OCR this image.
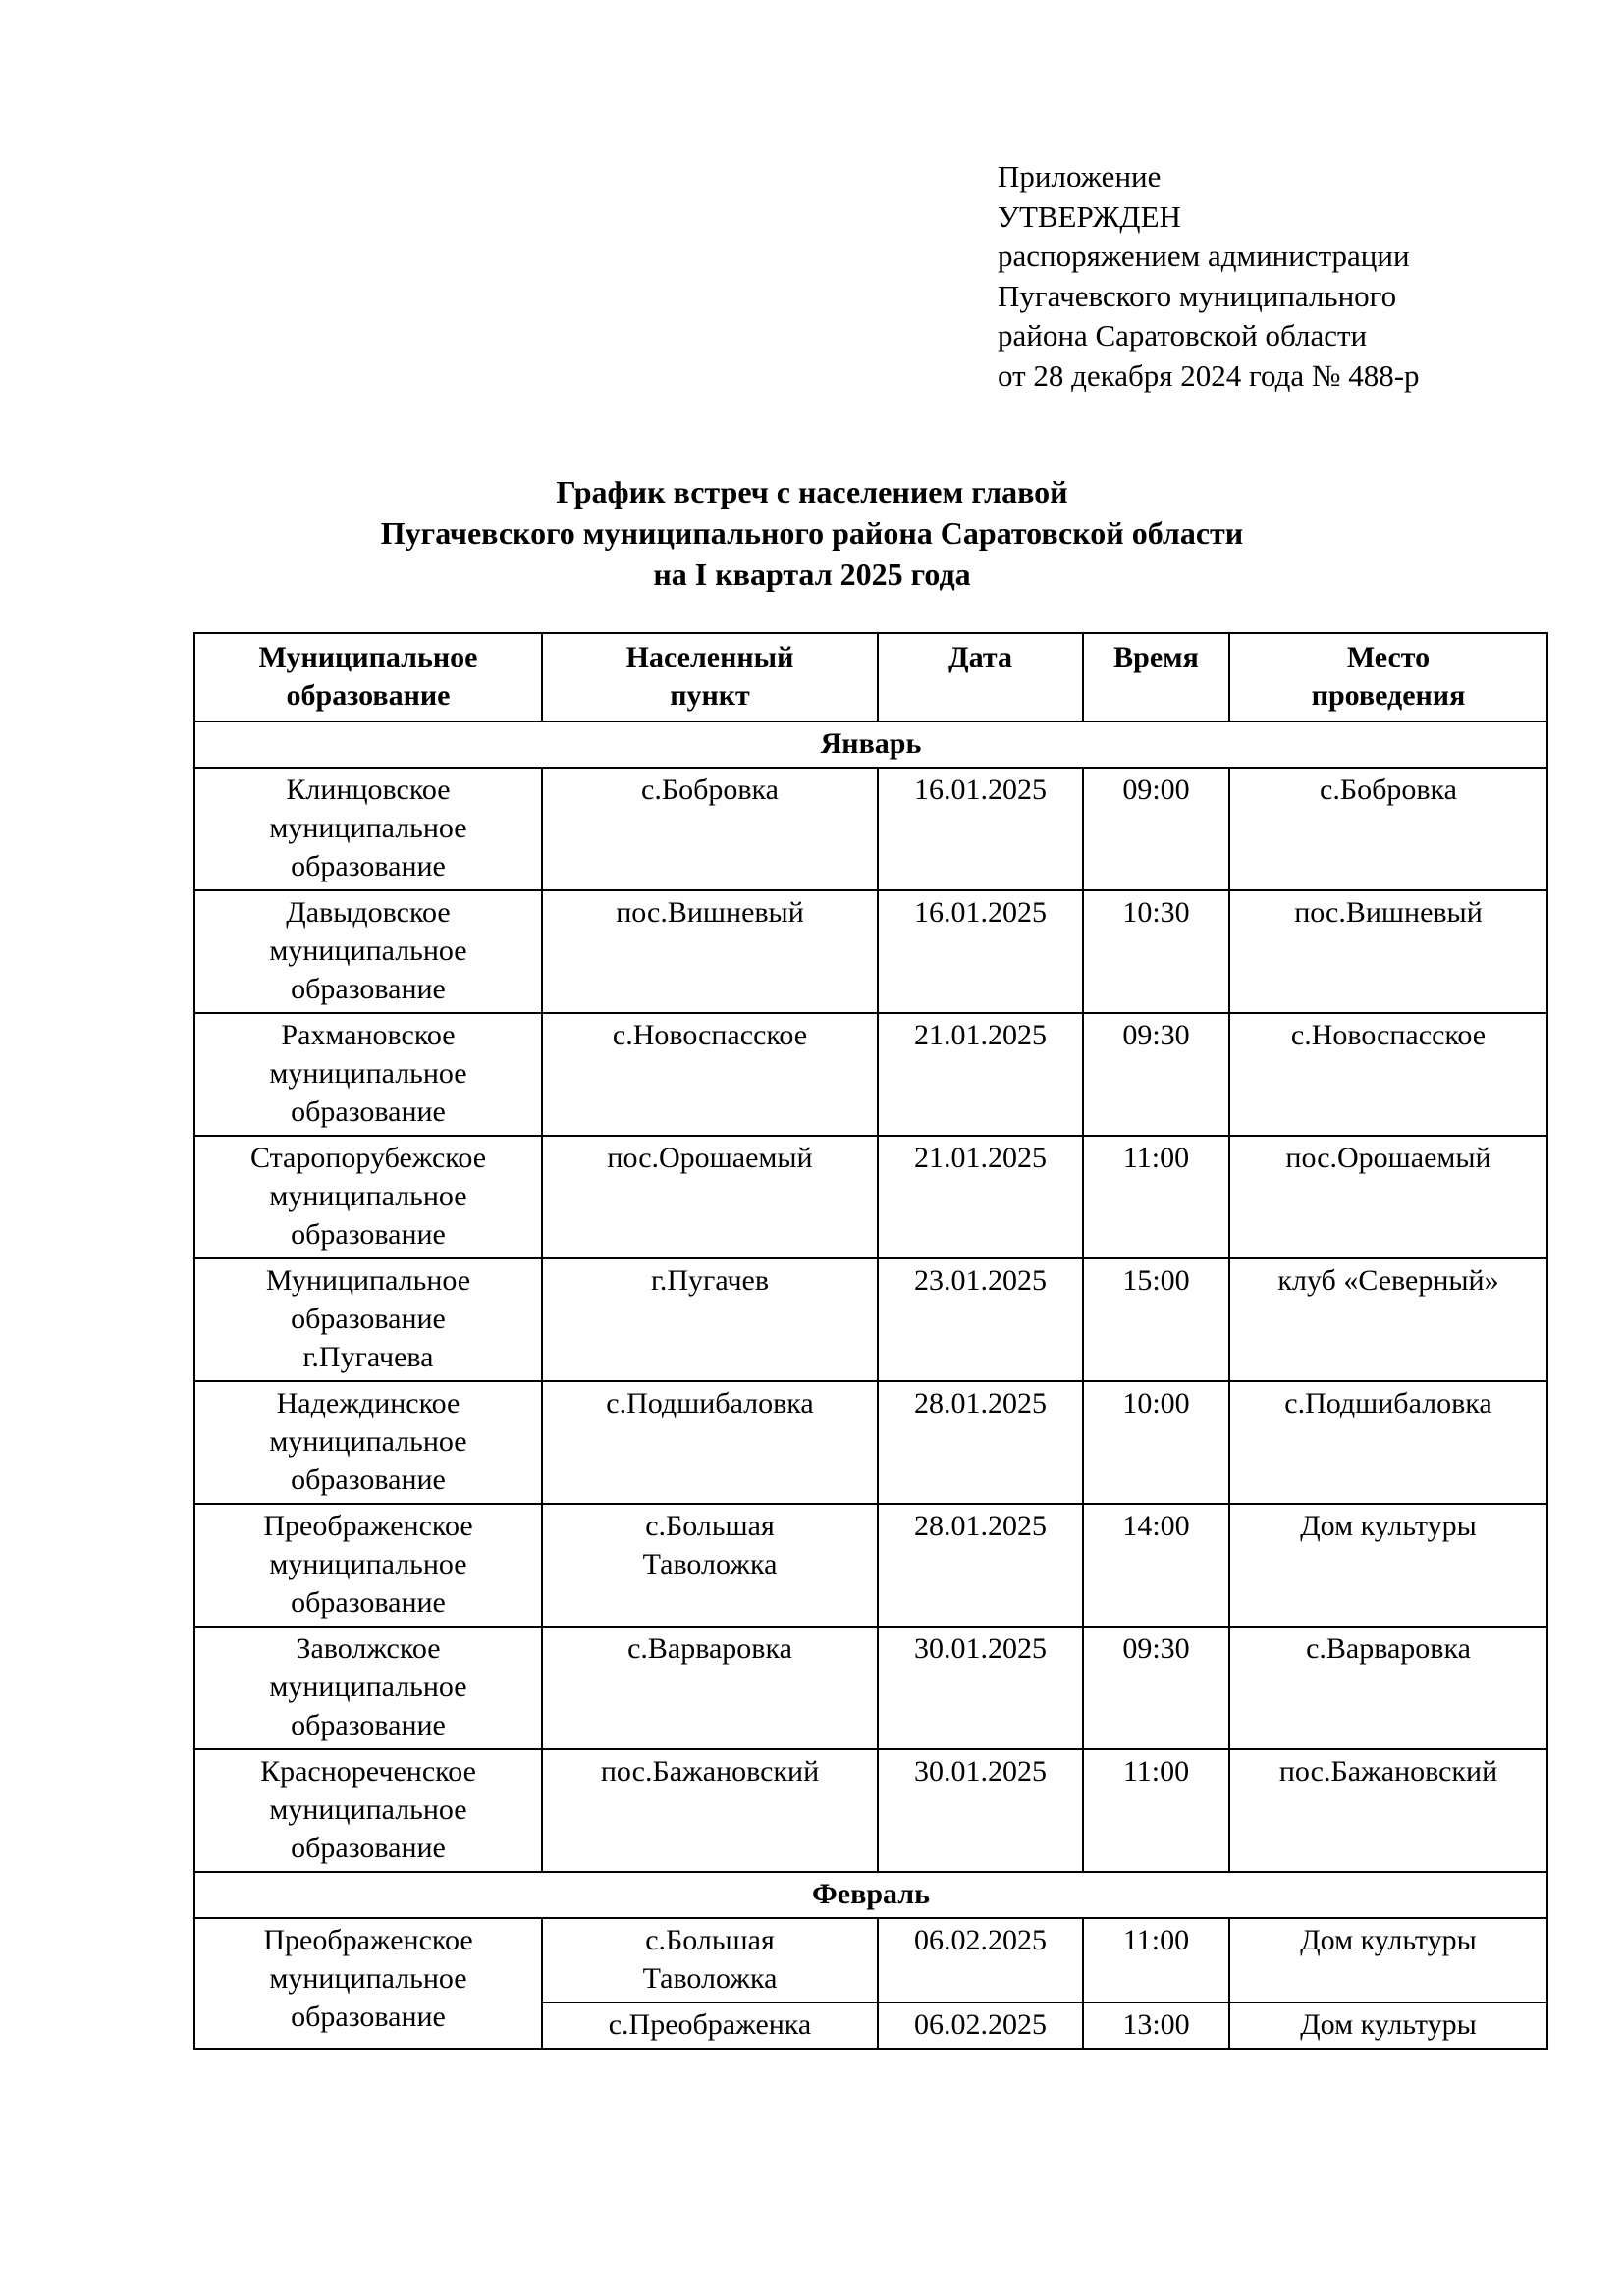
Приложение
УТВЕРЖДЕН
распоряжением администрации
Пугачевского муниципального
района Саратовской области
от 28 декабря 2024 года № 488-р
График встреч с населением главой
Пугачевского муниципального района Саратовской области
на I квартал 2025 года
Муниципальное
образование	Населенный
пункт	Дата	Время	Место
проведения

Январь				

Клинцовское
муниципальное
образование	с.Бобровка	16.01.2025	09:00	с.Бобровка

Давыдовское
муниципальное
образование	пос.Вишневый	16.01.2025	10:30	пос.Вишневый

Рахмановское
муниципальное
образование	с.Новоспасское	21.01.2025	09:30	с.Новоспасское

Старопорубежское
муниципальное
образование	пос.Орошаемый	21.01.2025	11:00	пос.Орошаемый

Муниципальное
образование
г.Пугачева	г.Пугачев	23.01.2025	15:00	клуб «Северный»

Надеждинское
муниципальное
образование	с.Подшибаловка	28.01.2025	10:00	с.Подшибаловка

Преображенское
муниципальное
образование	с.Большая
Таволожка	28.01.2025	14:00	Дом культуры

Заволжское
муниципальное
образование	с.Варваровка	30.01.2025	09:30	с.Варваровка

Краснореченское
муниципальное
образование	пос.Бажановский	30.01.2025	11:00	пос.Бажановский

Февраль				

Преображенское
муниципальное
образование	с.Большая
Таволожка	06.02.2025	11:00	Дом культуры

	с.Преображенка	06.02.2025	13:00	Дом культуры
